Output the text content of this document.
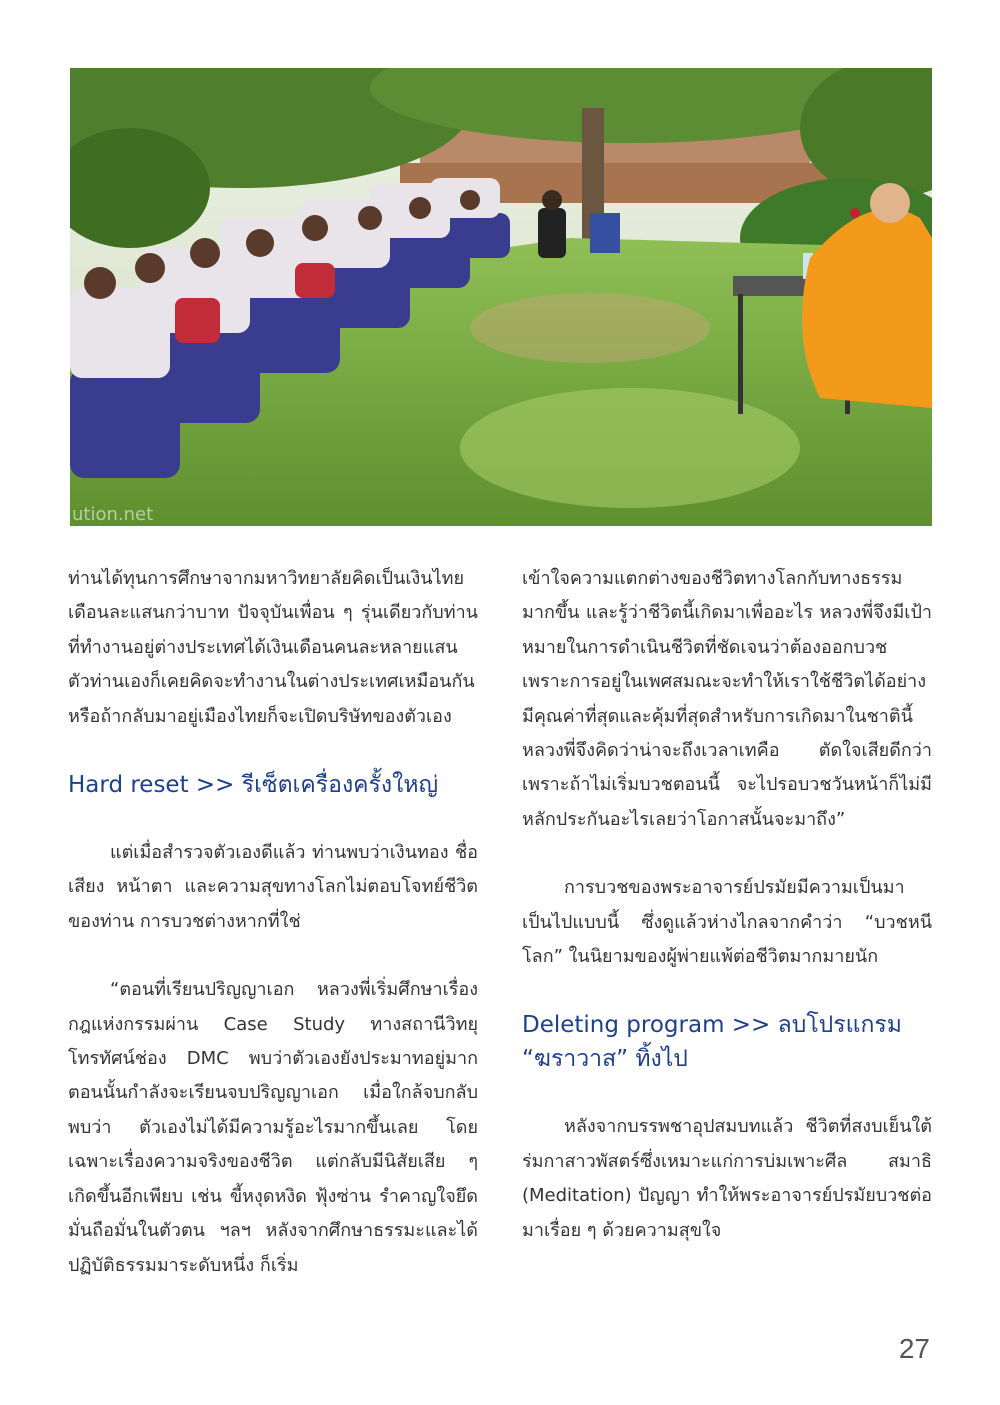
ution.net

ท่านได้ทุนการศึกษาจากมหาวิทยาลัยคิดเป็นเงินไทยเดือนละแสนกว่าบาท ปัจจุบันเพื่อน ๆ รุ่นเดียวกับท่านที่ทำงานอยู่ต่างประเทศได้เงินเดือนคนละหลายแสน ตัวท่านเองก็เคยคิดจะทำงานในต่างประเทศเหมือนกัน หรือถ้ากลับมาอยู่เมืองไทยก็จะเปิดบริษัทของตัวเอง

Hard reset >> รีเซ็ตเครื่องครั้งใหญ่

แต่เมื่อสำรวจตัวเองดีแล้ว ท่านพบว่าเงินทอง ชื่อเสียง หน้าตา และความสุขทางโลกไม่ตอบโจทย์ชีวิตของท่าน การบวชต่างหากที่ใช่

“ตอนที่เรียนปริญญาเอก หลวงพี่เริ่มศึกษาเรื่องกฎแห่งกรรมผ่าน Case Study ทางสถานีวิทยุโทรทัศน์ช่อง DMC พบว่าตัวเองยังประมาทอยู่มาก ตอนนั้นกำลังจะเรียนจบปริญญาเอก เมื่อใกล้จบกลับพบว่า ตัวเองไม่ได้มีความรู้อะไรมากขึ้นเลย โดยเฉพาะเรื่องความจริงของชีวิต แต่กลับมีนิสัยเสีย ๆ เกิดขึ้นอีกเพียบ เช่น ขี้หงุดหงิด ฟุ้งซ่าน รำคาญใจยึดมั่นถือมั่นในตัวตน ฯลฯ หลังจากศึกษาธรรมะและได้ปฏิบัติธรรมมาระดับหนึ่ง ก็เริ่ม

เข้าใจความแตกต่างของชีวิตทางโลกกับทางธรรมมากขึ้น และรู้ว่าชีวิตนี้เกิดมาเพื่ออะไร หลวงพี่จึงมีเป้าหมายในการดำเนินชีวิตที่ชัดเจนว่าต้องออกบวช เพราะการอยู่ในเพศสมณะจะทำให้เราใช้ชีวิตได้อย่างมีคุณค่าที่สุดและคุ้มที่สุดสำหรับการเกิดมาในชาตินี้ หลวงพี่จึงคิดว่าน่าจะถึงเวลาเทคือ ตัดใจเสียดีกว่า เพราะถ้าไม่เริ่มบวชตอนนี้ จะไปรอบวชวันหน้าก็ไม่มีหลักประกันอะไรเลยว่าโอกาสนั้นจะมาถึง”

การบวชของพระอาจารย์ปรมัยมีความเป็นมาเป็นไปแบบนี้ ซึ่งดูแล้วห่างไกลจากคำว่า “บวชหนีโลก” ในนิยามของผู้พ่ายแพ้ต่อชีวิตมากมายนัก

Deleting program >> ลบโปรแกรม “ฆราวาส” ทิ้งไป

หลังจากบรรพชาอุปสมบทแล้ว ชีวิตที่สงบเย็นใต้ร่มกาสาวพัสตร์ซึ่งเหมาะแก่การบ่มเพาะศีล สมาธิ (Meditation) ปัญญา ทำให้พระอาจารย์ปรมัยบวชต่อมาเรื่อย ๆ ด้วยความสุขใจ

27
